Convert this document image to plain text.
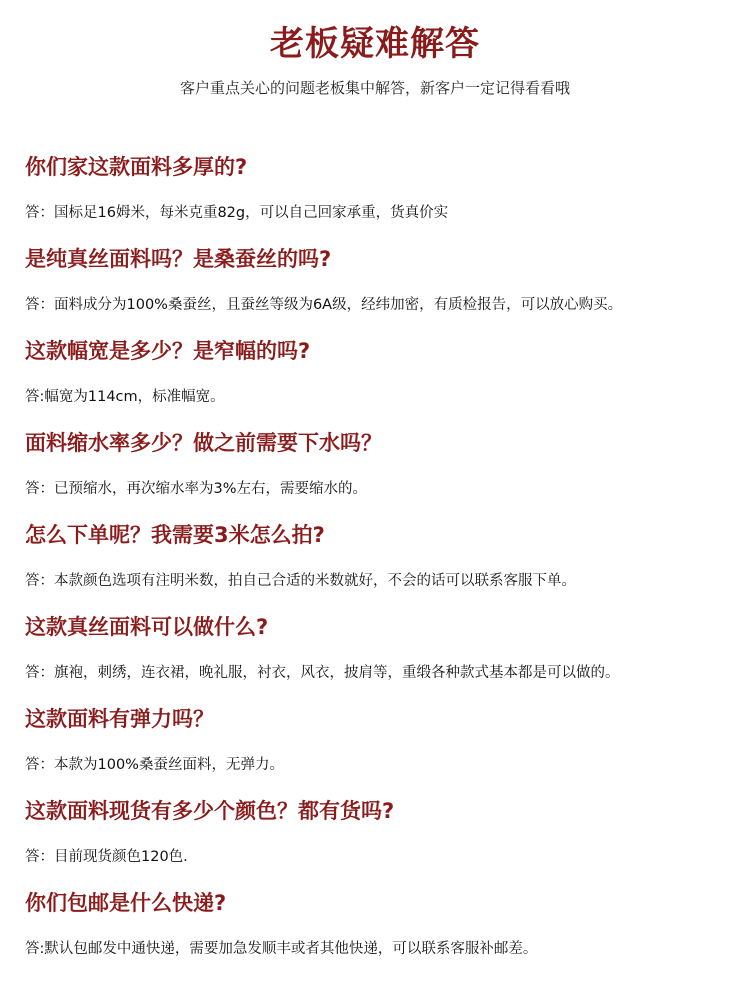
老板疑难解答
客户重点关心的问题老板集中解答，新客户一定记得看看哦
你们家这款面料多厚的?
答：国标足16姆米，每米克重82g，可以自己回家承重，货真价实
是纯真丝面料吗？是桑蚕丝的吗?
答：面料成分为100%桑蚕丝，且蚕丝等级为6A级，经纬加密，有质检报告，可以放心购买。
这款幅宽是多少？是窄幅的吗?
答:幅宽为114cm，标准幅宽。
面料缩水率多少？做之前需要下水吗？
答：已预缩水，再次缩水率为3%左右，需要缩水的。
怎么下单呢？我需要3米怎么拍?
答：本款颜色选项有注明米数，拍自己合适的米数就好，不会的话可以联系客服下单。
这款真丝面料可以做什么?
答：旗袍，刺绣，连衣裙，晚礼服，衬衣，风衣，披肩等，重缎各种款式基本都是可以做的。
这款面料有弹力吗？
答：本款为100%桑蚕丝面料，无弹力。
这款面料现货有多少个颜色？都有货吗?
答：目前现货颜色120色.
你们包邮是什么快递?
答:默认包邮发中通快递，需要加急发顺丰或者其他快递，可以联系客服补邮差。
